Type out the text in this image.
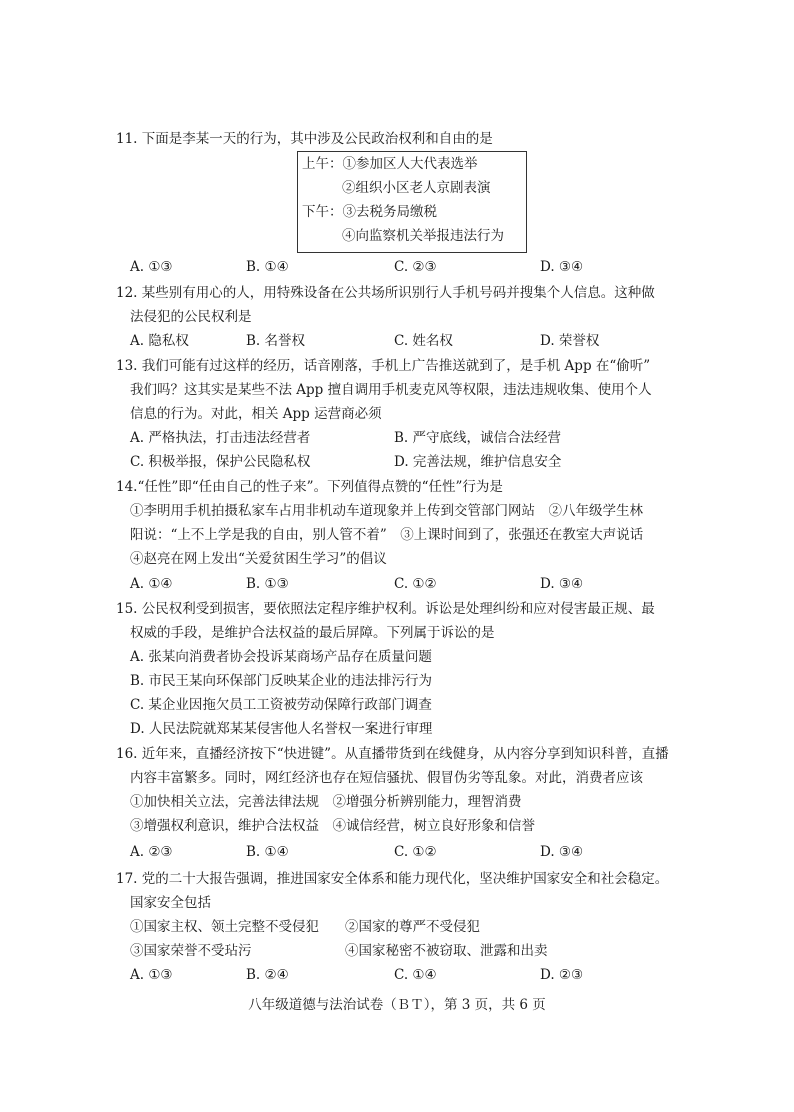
11. 下面是李某一天的行为，其中涉及公民政治权利和自由的是
上午：①参加区人大代表选举
②组织小区老人京剧表演
下午：③去税务局缴税
④向监察机关举报违法行为
A. ①③	B. ①④	C. ②③	D. ③④
12. 某些别有用心的人，用特殊设备在公共场所识别行人手机号码并搜集个人信息。这种做
法侵犯的公民权利是
A. 隐私权	B. 名誉权	C. 姓名权	D. 荣誉权
13. 我们可能有过这样的经历，话音刚落，手机上广告推送就到了，是手机 App 在“偷听”
我们吗？这其实是某些不法 App 擅自调用手机麦克风等权限，违法违规收集、使用个人
信息的行为。对此，相关 App 运营商必须
A. 严格执法，打击违法经营者	B. 严守底线，诚信合法经营
C. 积极举报，保护公民隐私权	D. 完善法规，维护信息安全
14.“任性”即“任由自己的性子来”。下列值得点赞的“任性”行为是
①李明用手机拍摄私家车占用非机动车道现象并上传到交管部门网站　②八年级学生林
阳说：“上不上学是我的自由，别人管不着”　③上课时间到了，张强还在教室大声说话
④赵亮在网上发出“关爱贫困生学习”的倡议
A. ①④	B. ①③	C. ①②	D. ③④
15. 公民权利受到损害，要依照法定程序维护权利。诉讼是处理纠纷和应对侵害最正规、最
权威的手段，是维护合法权益的最后屏障。下列属于诉讼的是
A. 张某向消费者协会投诉某商场产品存在质量问题
B. 市民王某向环保部门反映某企业的违法排污行为
C. 某企业因拖欠员工工资被劳动保障行政部门调查
D. 人民法院就郑某某侵害他人名誉权一案进行审理
16. 近年来，直播经济按下“快进键”。从直播带货到在线健身，从内容分享到知识科普，直播
内容丰富繁多。同时，网红经济也存在短信骚扰、假冒伪劣等乱象。对此，消费者应该
①加快相关立法，完善法律法规　②增强分析辨别能力，理智消费
③增强权利意识，维护合法权益　④诚信经营，树立良好形象和信誉
A. ②③	B. ①④	C. ①②	D. ③④
17. 党的二十大报告强调，推进国家安全体系和能力现代化，坚决维护国家安全和社会稳定。
国家安全包括
①国家主权、领土完整不受侵犯 ②国家的尊严不受侵犯
③国家荣誉不受玷污	④国家秘密不被窃取、泄露和出卖
A. ①③	B. ②④	C. ①④	D. ②③
八年级道德与法治试卷（ＢＴ），第 3 页，共 6 页
